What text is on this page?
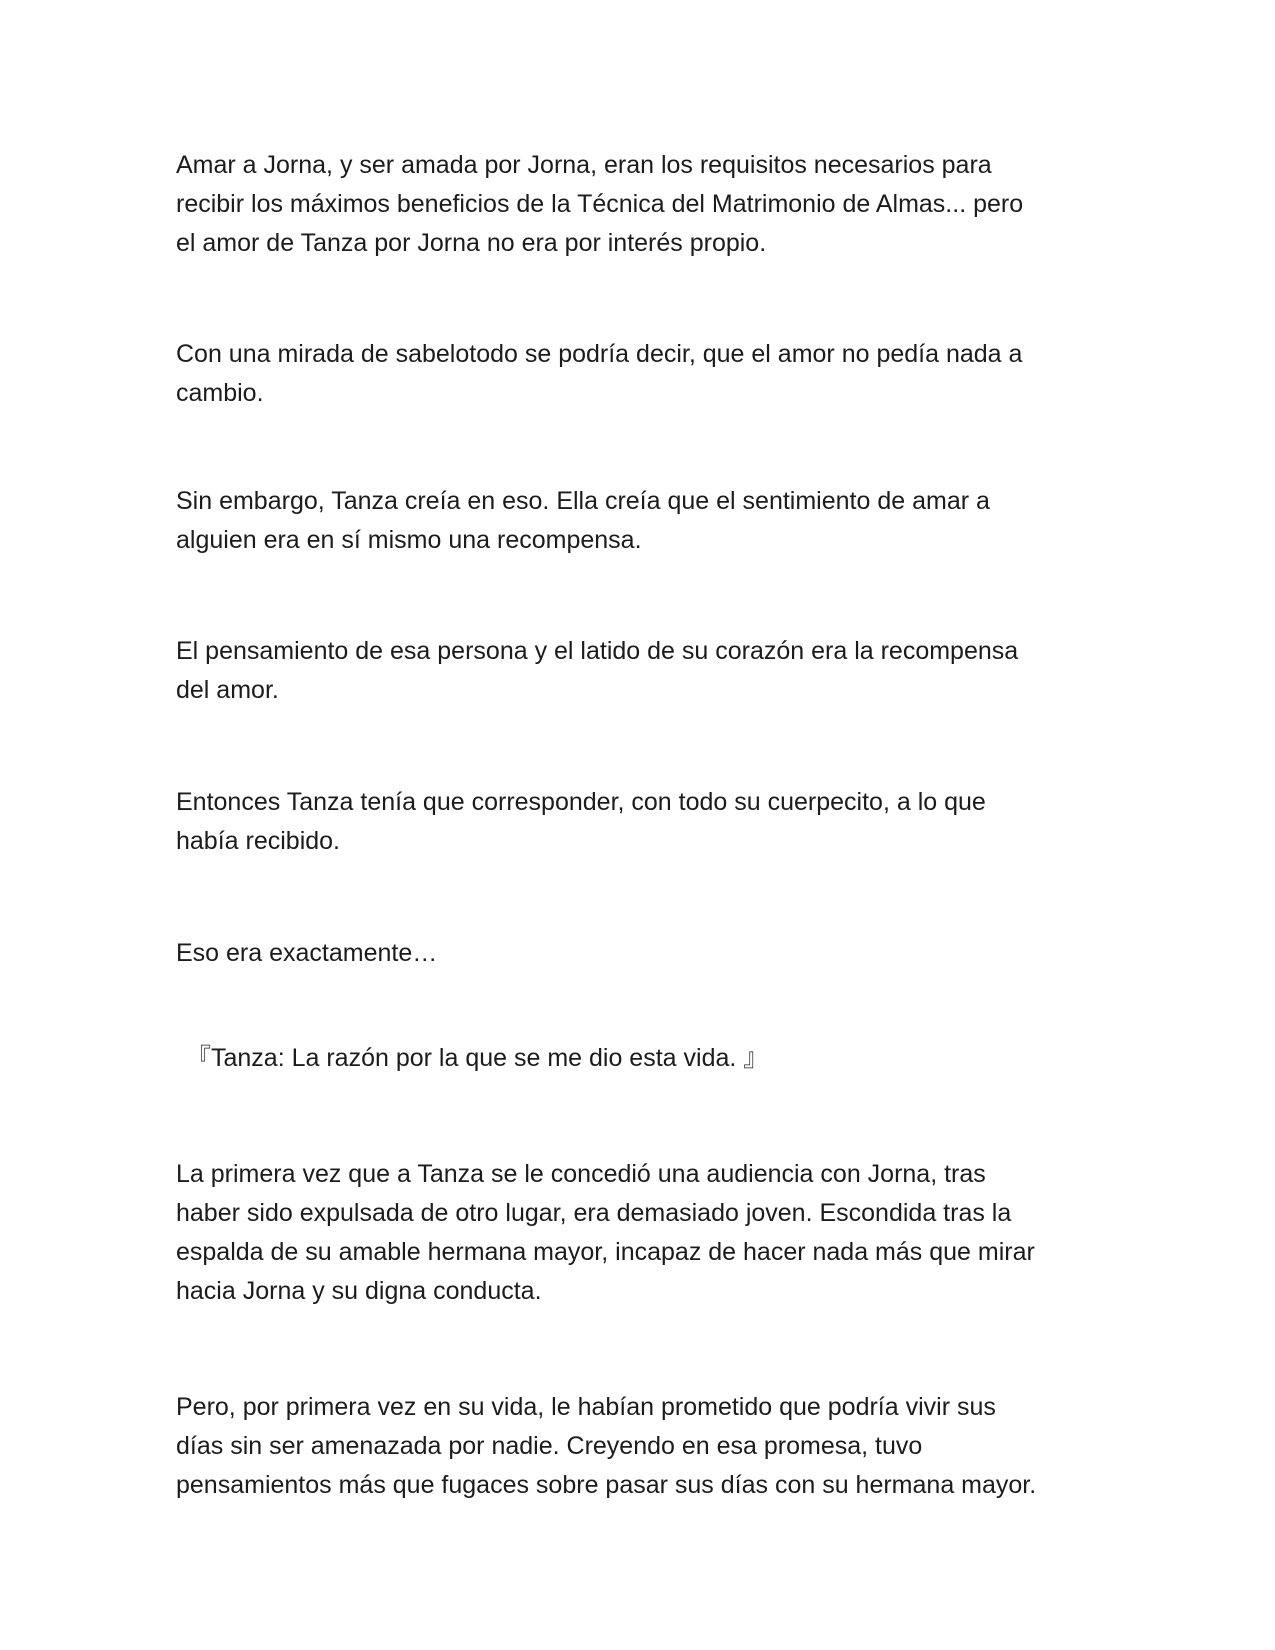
Amar a Jorna, y ser amada por Jorna, eran los requisitos necesarios para
recibir los máximos beneficios de la Técnica del Matrimonio de Almas... pero
el amor de Tanza por Jorna no era por interés propio.

Con una mirada de sabelotodo se podría decir, que el amor no pedía nada a
cambio.

Sin embargo, Tanza creía en eso. Ella creía que el sentimiento de amar a
alguien era en sí mismo una recompensa.

El pensamiento de esa persona y el latido de su corazón era la recompensa
del amor.

Entonces Tanza tenía que corresponder, con todo su cuerpecito, a lo que
había recibido.

Eso era exactamente…

『Tanza: La razón por la que se me dio esta vida. 』

La primera vez que a Tanza se le concedió una audiencia con Jorna, tras
haber sido expulsada de otro lugar, era demasiado joven. Escondida tras la
espalda de su amable hermana mayor, incapaz de hacer nada más que mirar
hacia Jorna y su digna conducta.

Pero, por primera vez en su vida, le habían prometido que podría vivir sus
días sin ser amenazada por nadie. Creyendo en esa promesa, tuvo
pensamientos más que fugaces sobre pasar sus días con su hermana mayor.
